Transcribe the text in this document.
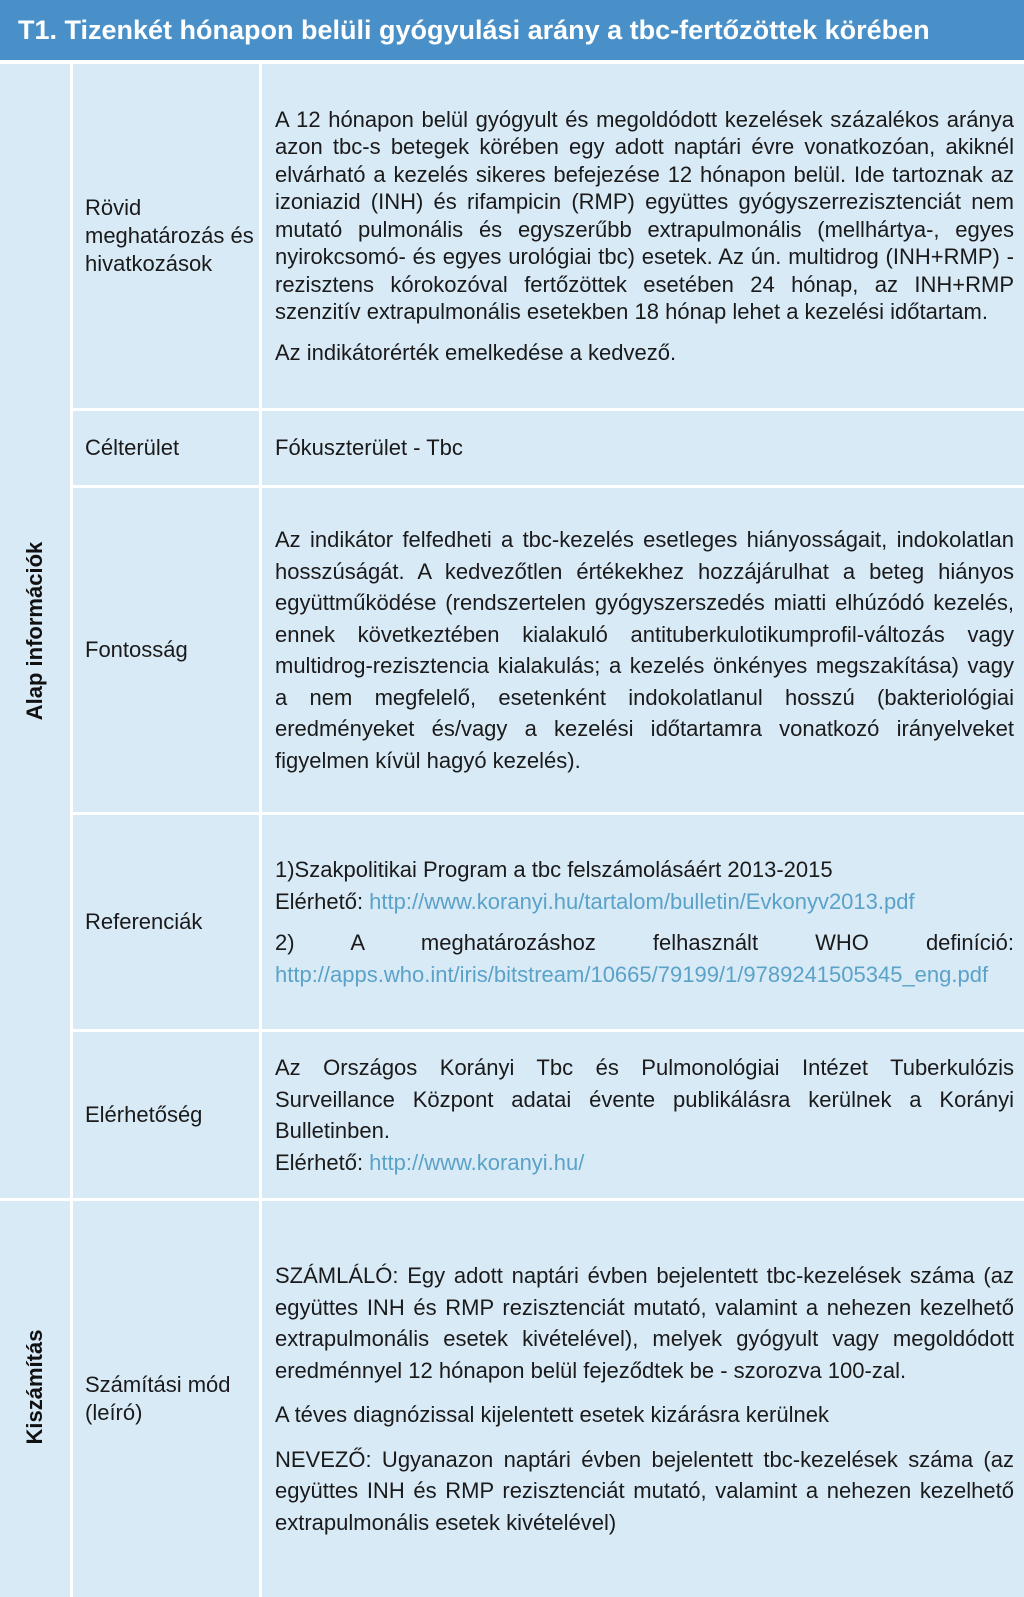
T1. Tizenkét hónapon belüli gyógyulási arány a tbc-fertőzöttek körében
Alap információk
Kiszámítás
Rövid meghatározás és hivatkozások

A 12 hónapon belül gyógyult és megoldódott kezelések százalékos aránya azon tbc-s betegek körében egy adott naptári évre vonatkozóan, akiknél elvárható a kezelés sikeres befejezése 12 hónapon belül. Ide tartoznak az izoniazid (INH) és rifampicin (RMP) együttes gyógyszerrezisztenciát nem mutató pulmonális és egyszerűbb extrapulmonális (mellhártya-, egyes nyirokcsomó- és egyes urológiai tbc) esetek. Az ún. multidrog (INH+RMP) -rezisztens kórokozóval fertőzöttek esetében 24 hónap, az INH+RMP szenzitív extrapulmonális esetekben 18 hónap lehet a kezelési időtartam.

Az indikátorérték emelkedése a kedvező.

Célterület	Fókuszterület - Tbc

Fontosság

Az indikátor felfedheti a tbc-kezelés esetleges hiányosságait, indokolatlan hosszúságát. A kedvezőtlen értékekhez hozzájárulhat a beteg hiányos együttműködése (rendszertelen gyógyszerszedés miatti elhúzódó kezelés, ennek következtében kialakuló antituberkulotikumprofil-változás vagy multidrog-rezisztencia kialakulás; a kezelés önkényes megszakítása) vagy a nem megfelelő, esetenként indokolatlanul hosszú (bakteriológiai eredményeket és/vagy a kezelési időtartamra vonatkozó irányelveket figyelmen kívül hagyó kezelés).

Referenciák

1)Szakpolitikai Program a tbc felszámolásáért 2013-2015
Elérhető: http://www.koranyi.hu/tartalom/bulletin/Evkonyv2013.pdf

2) A meghatározáshoz felhasznált WHO definíció:
http://apps.who.int/iris/bitstream/10665/79199/1/9789241505345_eng.pdf

Elérhetőség

Az Országos Korányi Tbc és Pulmonológiai Intézet Tuberkulózis Surveillance Központ adatai évente publikálásra kerülnek a Korányi Bulletinben.

Elérhető: http://www.koranyi.hu/

Számítási mód (leíró)

SZÁMLÁLÓ: Egy adott naptári évben bejelentett tbc-kezelések száma (az együttes INH és RMP rezisztenciát mutató, valamint a nehezen kezelhető extrapulmonális esetek kivételével), melyek gyógyult vagy megoldódott eredménnyel 12 hónapon belül fejeződtek be - szorozva 100-zal.

A téves diagnózissal kijelentett esetek kizárásra kerülnek

NEVEZŐ: Ugyanazon naptári évben bejelentett tbc-kezelések száma (az együttes INH és RMP rezisztenciát mutató, valamint a nehezen kezelhető extrapulmonális esetek kivételével)
